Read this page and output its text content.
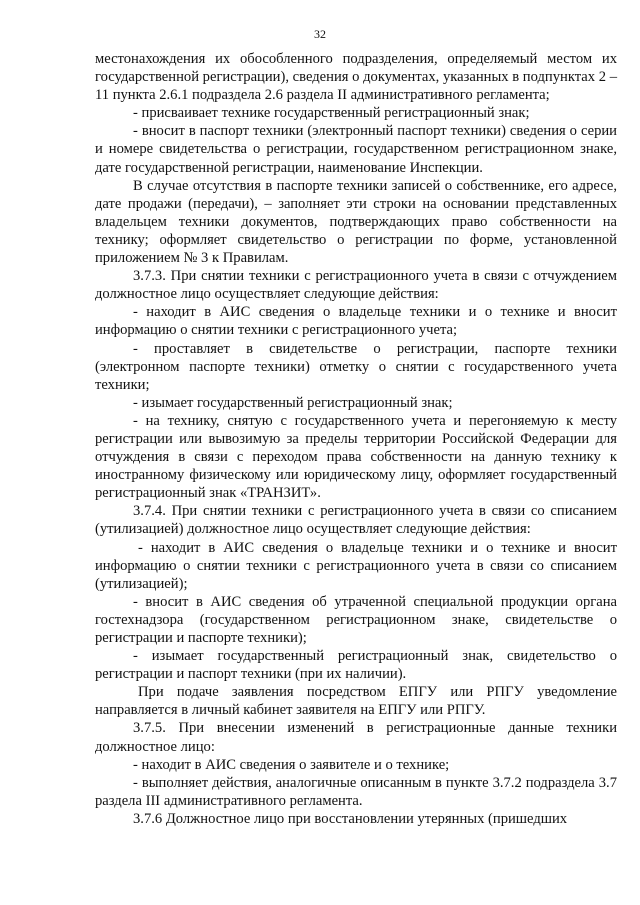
32

местонахождения их обособленного подразделения, определяемый местом их государственной регистрации), сведения о документах, указанных в подпунктах 2 – 11 пункта 2.6.1 подраздела 2.6 раздела II административного регламента;

- присваивает технике государственный регистрационный знак;

- вносит в паспорт техники (электронный паспорт техники) сведения о серии и номере свидетельства о регистрации, государственном регистрационном знаке, дате государственной регистрации, наименование Инспекции.

В случае отсутствия в паспорте техники записей о собственнике, его адресе, дате продажи (передачи), – заполняет эти строки на основании представленных владельцем техники документов, подтверждающих право собственности на технику; оформляет свидетельство о регистрации по форме, установленной приложением № 3 к Правилам.

3.7.3. При снятии техники с регистрационного учета в связи с отчуждением должностное лицо осуществляет следующие действия:

- находит в АИС сведения о владельце техники и о технике и вносит информацию о снятии техники с регистрационного учета;

- проставляет в свидетельстве о регистрации, паспорте техники (электронном паспорте техники) отметку о снятии с государственного учета техники;

- изымает государственный регистрационный знак;

- на технику, снятую с государственного учета и перегоняемую к месту регистрации или вывозимую за пределы территории Российской Федерации для отчуждения в связи с переходом права собственности на данную технику к иностранному физическому или юридическому лицу, оформляет государственный регистрационный знак «ТРАНЗИТ».

3.7.4. При снятии техники с регистрационного учета в связи со списанием (утилизацией) должностное лицо осуществляет следующие действия:

- находит в АИС сведения о владельце техники и о технике и вносит информацию о снятии техники с регистрационного учета в связи со списанием (утилизацией);

- вносит в АИС сведения об утраченной специальной продукции органа гостехнадзора (государственном регистрационном знаке, свидетельстве о регистрации и паспорте техники);

- изымает государственный регистрационный знак, свидетельство о регистрации и паспорт техники (при их наличии).

При подаче заявления посредством ЕПГУ или РПГУ уведомление направляется в личный кабинет заявителя на ЕПГУ или РПГУ.

3.7.5. При внесении изменений в регистрационные данные техники должностное лицо:

- находит в АИС сведения о заявителе и о технике;

- выполняет действия, аналогичные описанным в пункте 3.7.2 подраздела 3.7 раздела III административного регламента.

3.7.6 Должностное лицо при восстановлении утерянных (пришедших
